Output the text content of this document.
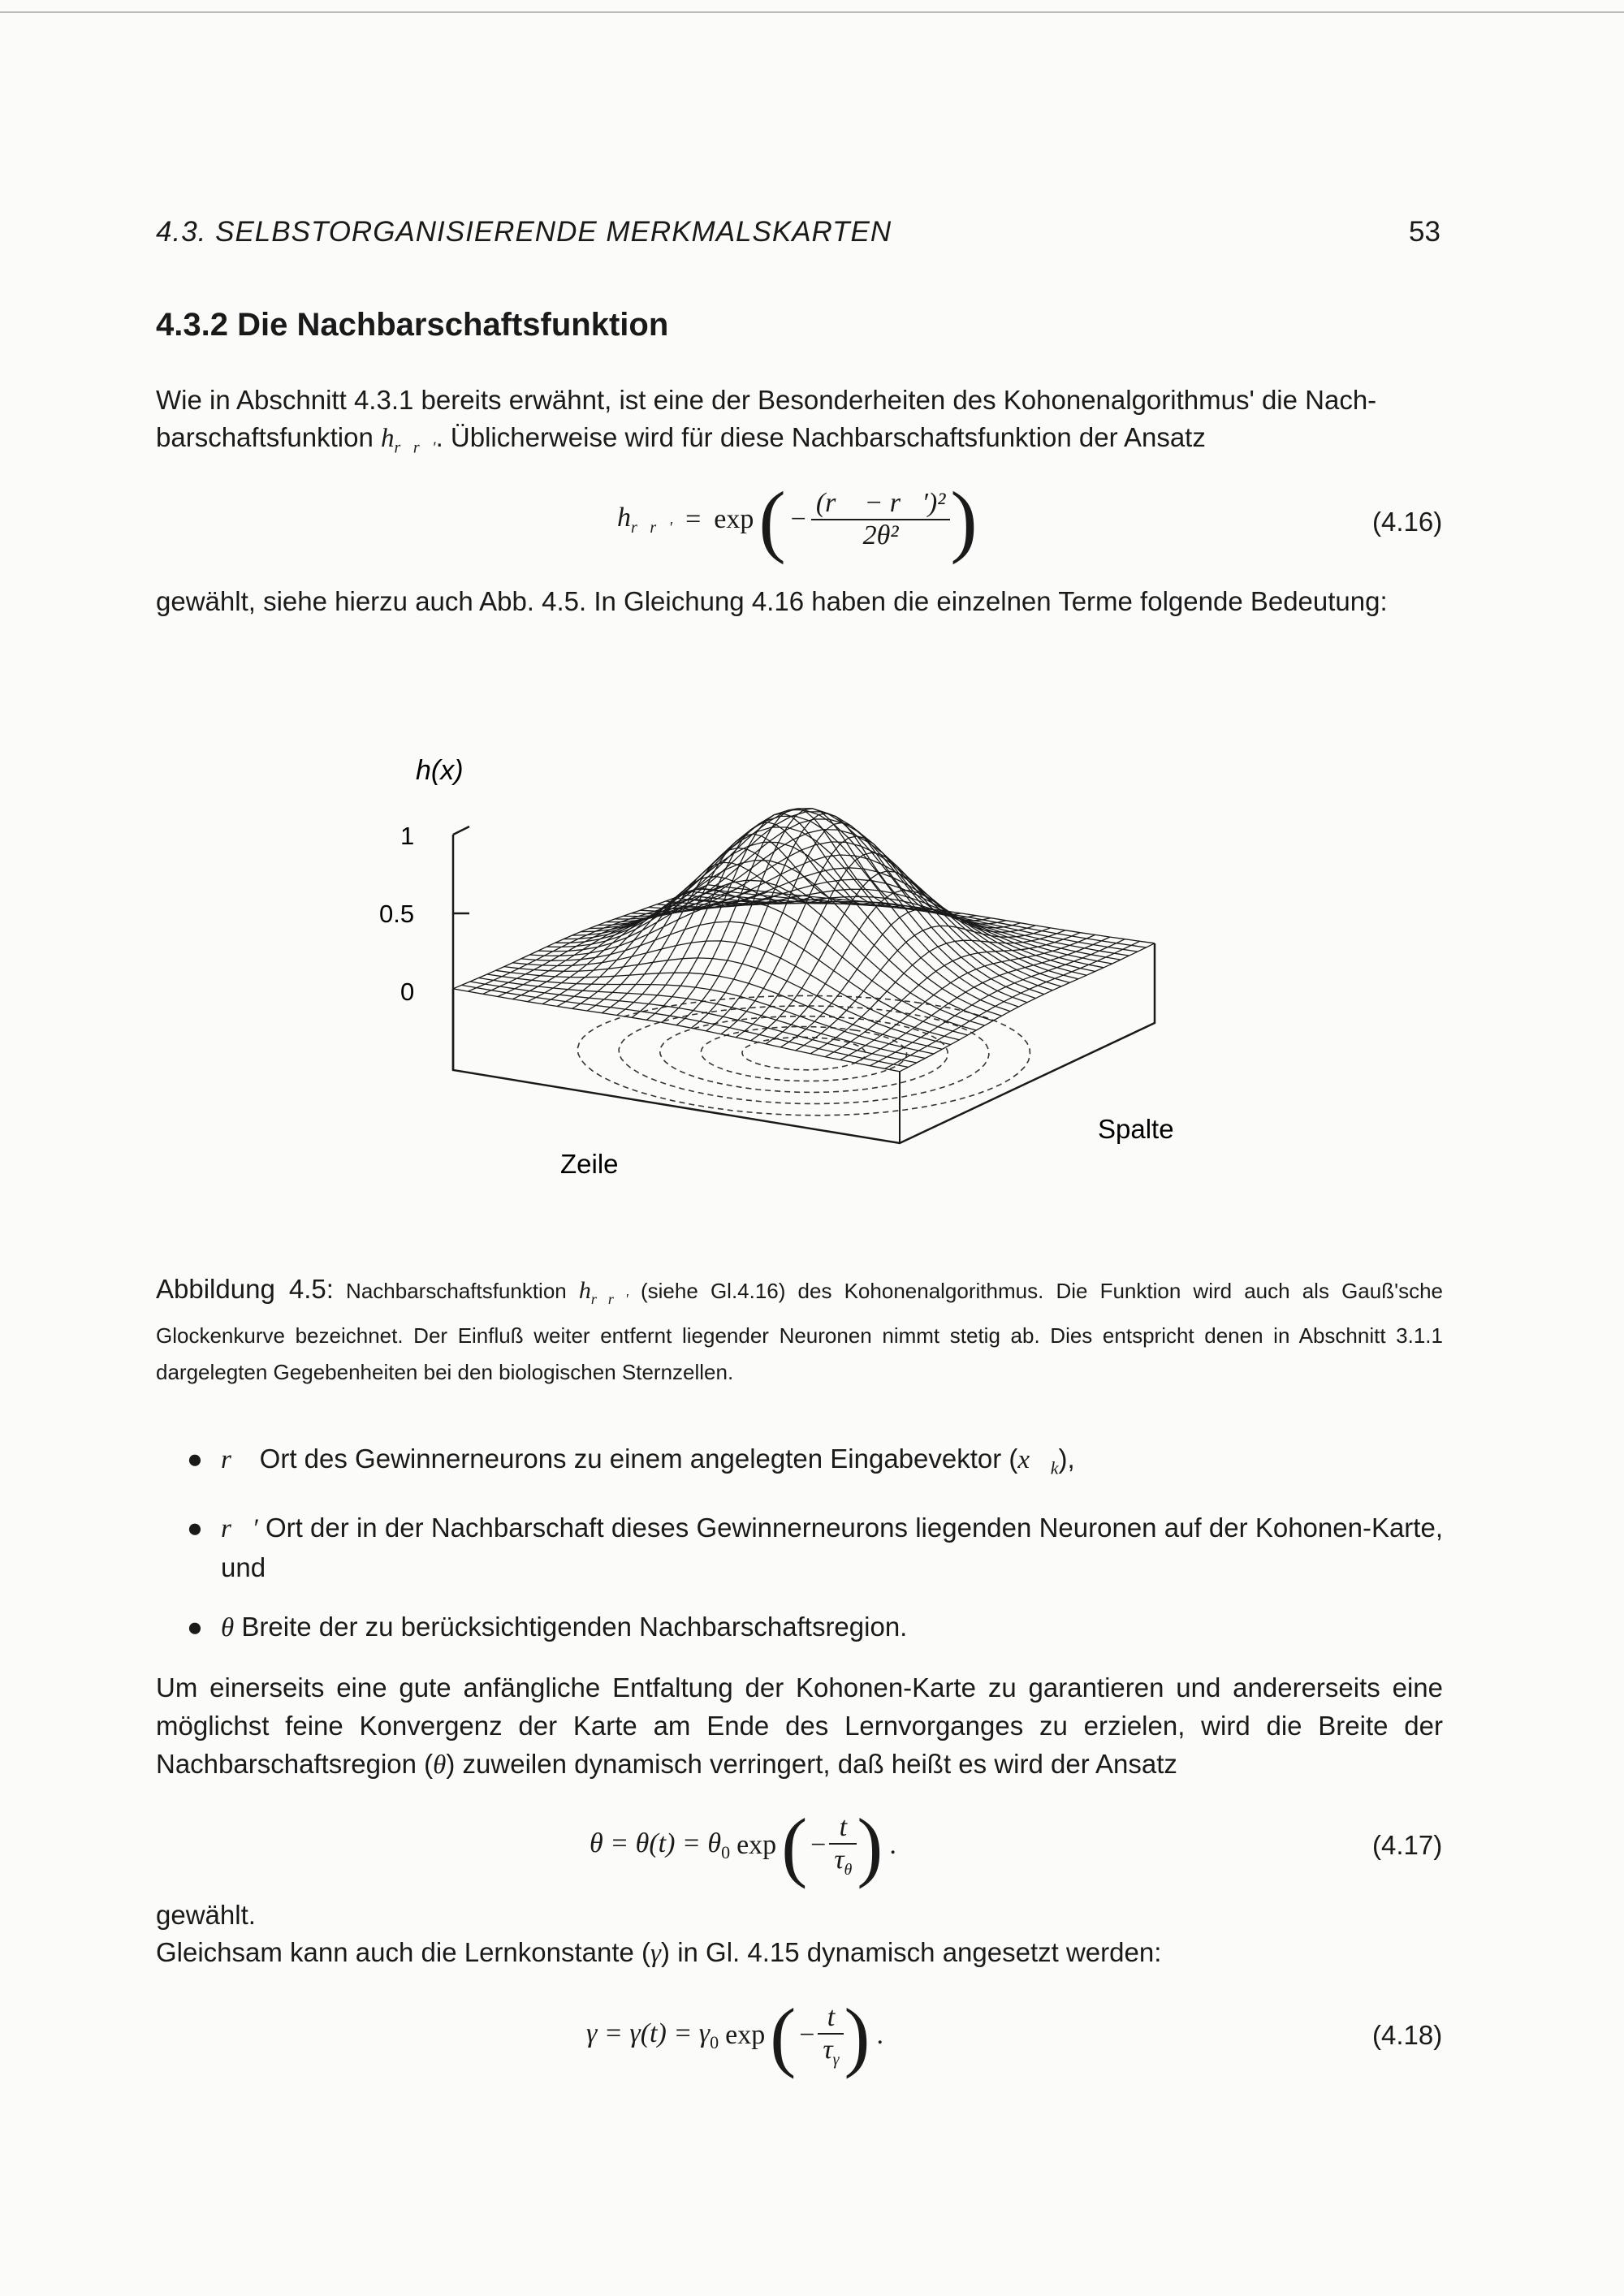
4.3. SELBSTORGANISIERENDE MERKMALSKARTEN	53
4.3.2 Die Nachbarschaftsfunktion
Wie in Abschnitt 4.3.1 bereits erwähnt, ist eine der Besonderheiten des Kohonenalgorithmus' die Nach-
barschaftsfunktion $h_{r⃗r⃗'}$. Üblicherweise wird für diese Nachbarschaftsfunktion der Ansatz
$h_{r⃗r⃗'} = \exp$ ( − $\frac{\text{(r⃗ − r⃗′)²}}{\text{2θ²}}$ )	(4.16)
gewählt, siehe hierzu auch Abb. 4.5. In Gleichung 4.16 haben die einzelnen Terme folgende Bedeutung:
h(x)
1
0.5
0
Zeile
Spalte
Abbildung 4.5: Nachbarschaftsfunktion $h_{r⃗r⃗'}$ (siehe Gl.4.16) des Kohonenalgorithmus. Die Funktion wird auch als Gauß'sche Glockenkurve bezeichnet. Der Einfluß weiter entfernt liegender Neuronen nimmt stetig ab. Dies entspricht denen in Abschnitt 3.1.1 dargelegten Gegebenheiten bei den biologischen Sternzellen.
● r⃗ Ort des Gewinnerneurons zu einem angelegten Eingabevektor $(x⃗_k)$,
● r⃗′ Ort der in der Nachbarschaft dieses Gewinnerneurons liegenden Neuronen auf der Kohonen-Karte, und
● θ Breite der zu berücksichtigenden Nachbarschaftsregion.
Um einerseits eine gute anfängliche Entfaltung der Kohonen-Karte zu garantieren und andererseits eine möglichst feine Konvergenz der Karte am Ende des Lernvorganges zu erzielen, wird die Breite der Nachbarschaftsregion (θ) zuweilen dynamisch verringert, daß heißt es wird der Ansatz
$\theta = \theta(t) = \theta_0$ exp ( − $\frac{t}{\tau_\theta}$ ) .	(4.17)
gewählt.
Gleichsam kann auch die Lernkonstante (γ) in Gl. 4.15 dynamisch angesetzt werden:
$\gamma = \gamma(t) = \gamma_0$ exp ( − $\frac{t}{\tau_\gamma}$ ) .	(4.18)
